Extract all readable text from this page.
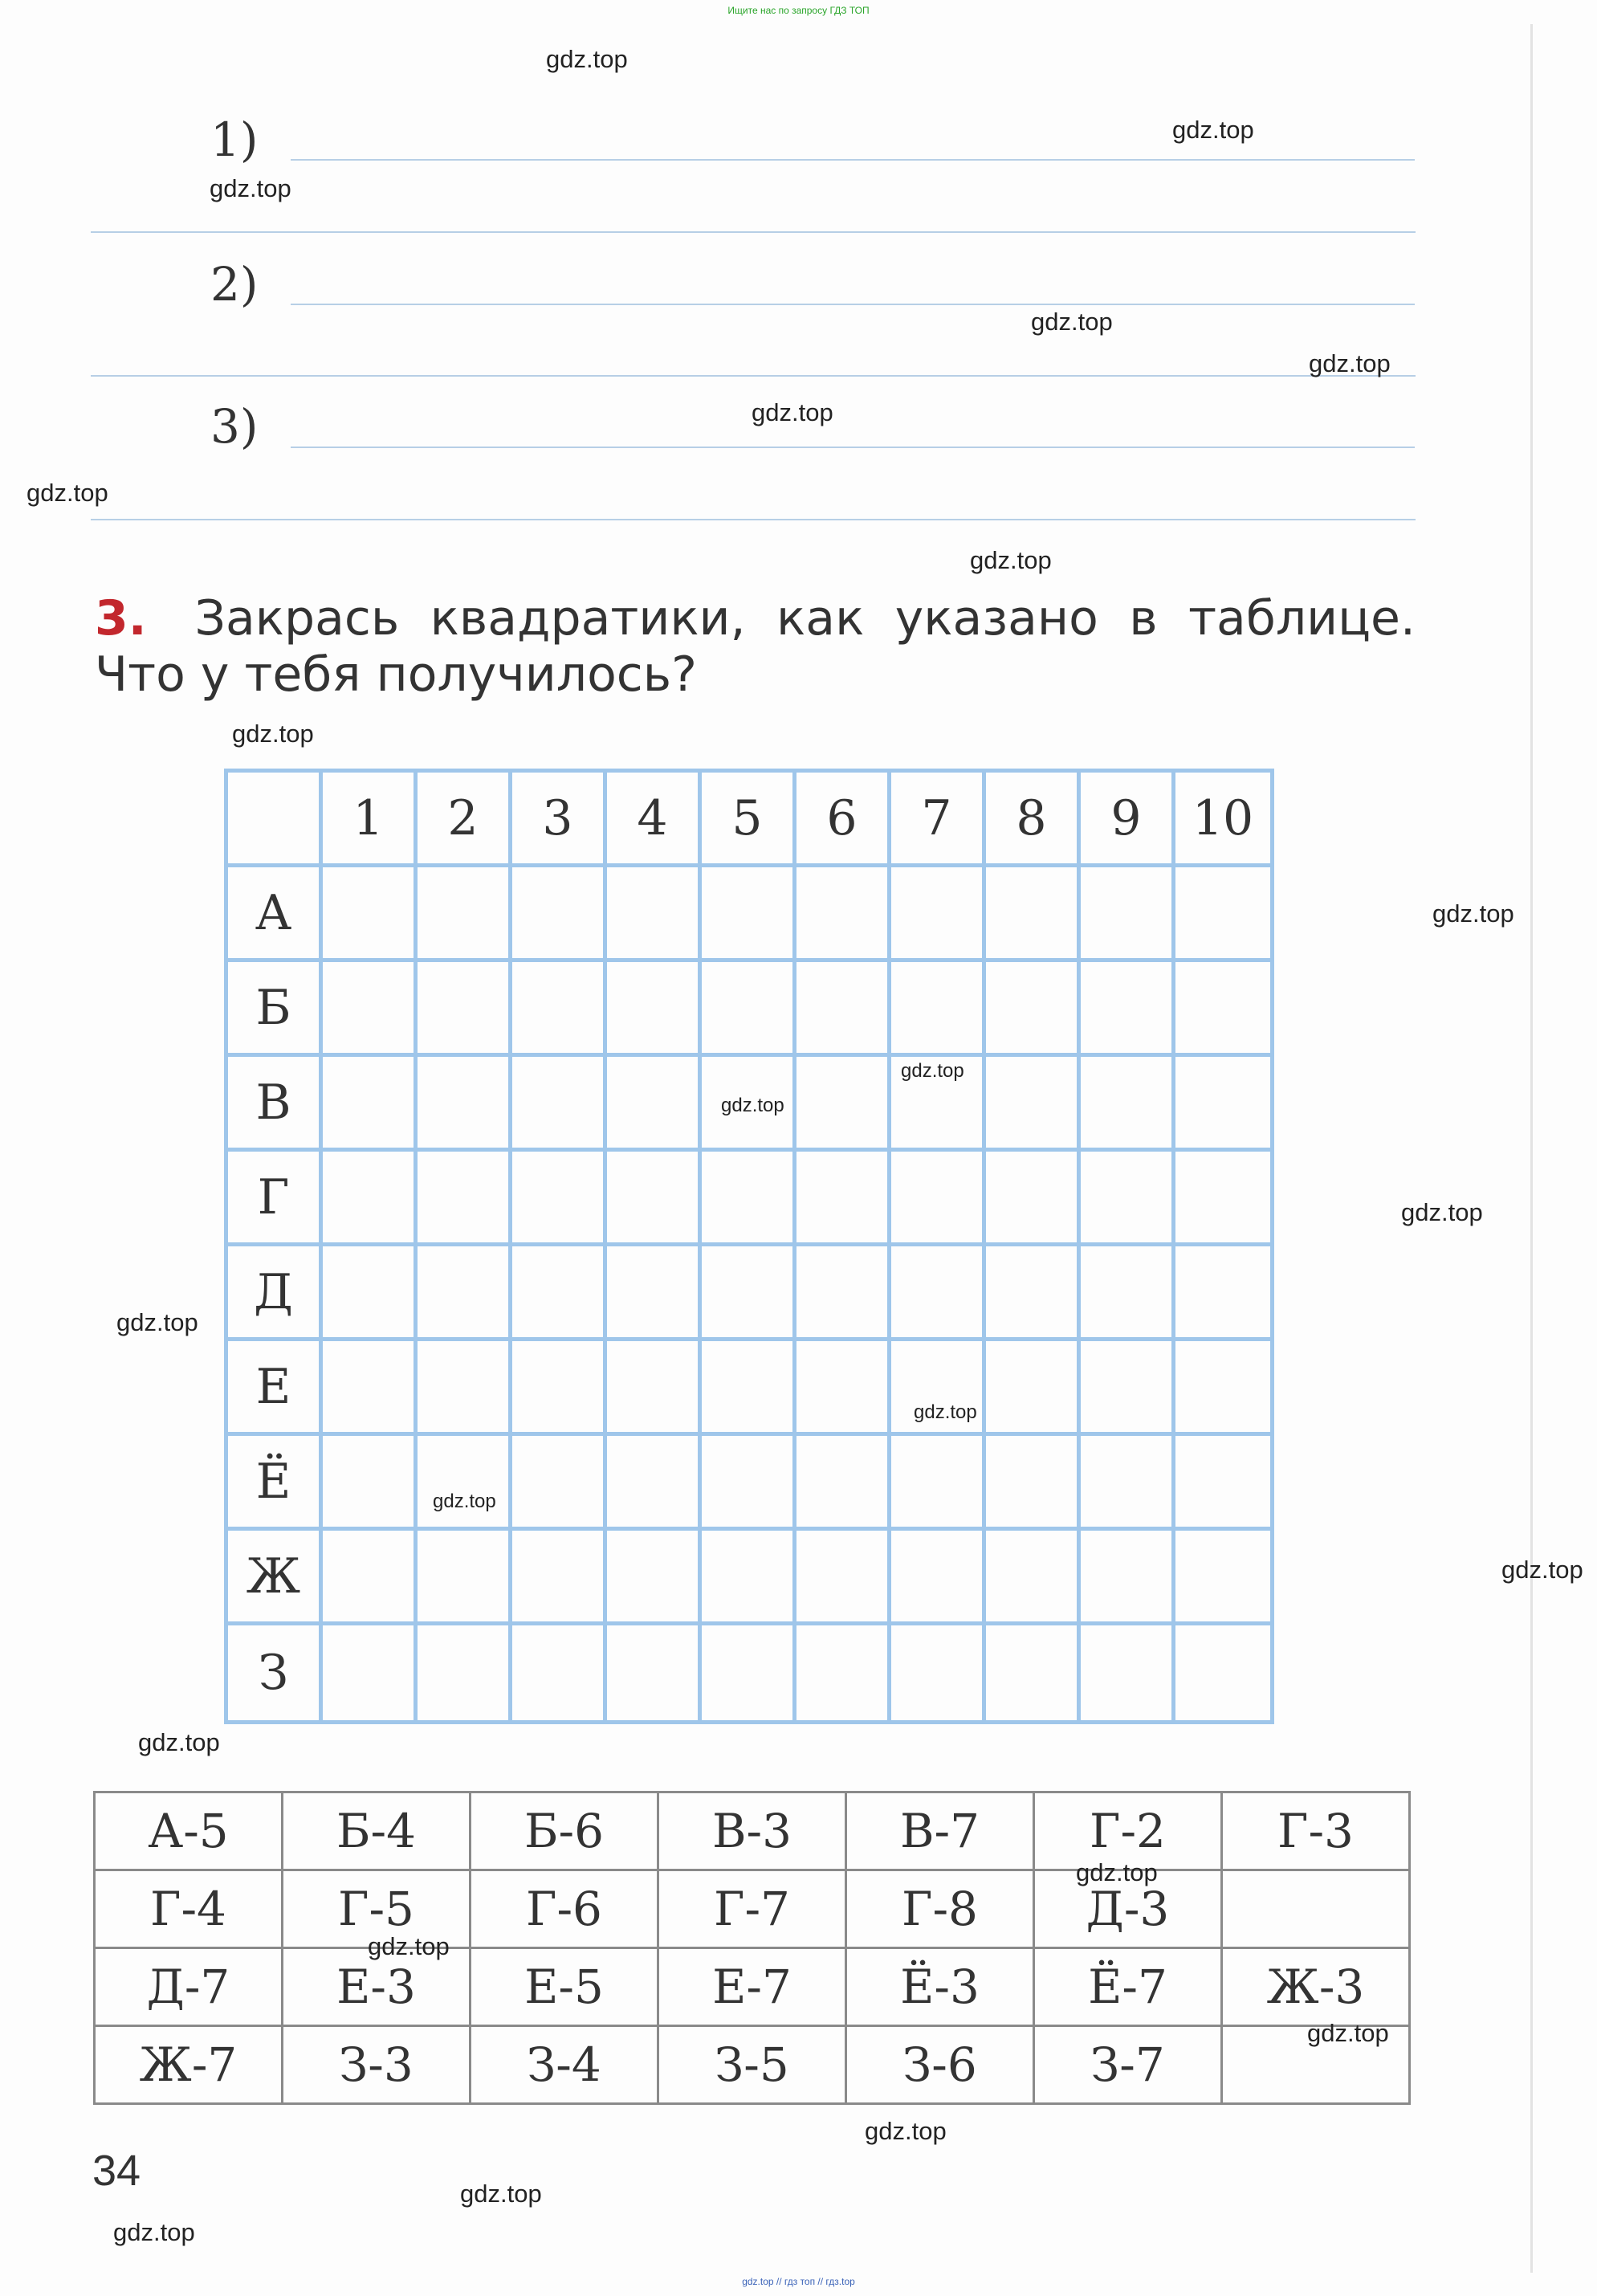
Ищите нас по запросу ГДЗ ТОП
1)
2)
3)
3. Закрась квадратики, как указано в таблице. Что у тебя получилось?
	1	2	3	4	5	6	7	8	9	10
А										
Б										
В										
Г										
Д										
Е										
Ё										
Ж										
З										
А-5	Б-4	Б-6	В-3	В-7	Г-2	Г-3
Г-4	Г-5	Г-6	Г-7	Г-8	Д-3	
Д-7	Е-3	Е-5	Е-7	Ё-3	Ё-7	Ж-3
Ж-7	З-3	З-4	З-5	З-6	З-7	
34
gdz.top
gdz.top
gdz.top
gdz.top
gdz.top
gdz.top
gdz.top
gdz.top
gdz.top
gdz.top
gdz.top
gdz.top
gdz.top
gdz.top
gdz.top
gdz.top
gdz.top
gdz.top
gdz.top
gdz.top
gdz.top
gdz.top
gdz.top
gdz.top
gdz.top // гдз топ // гдз.top
